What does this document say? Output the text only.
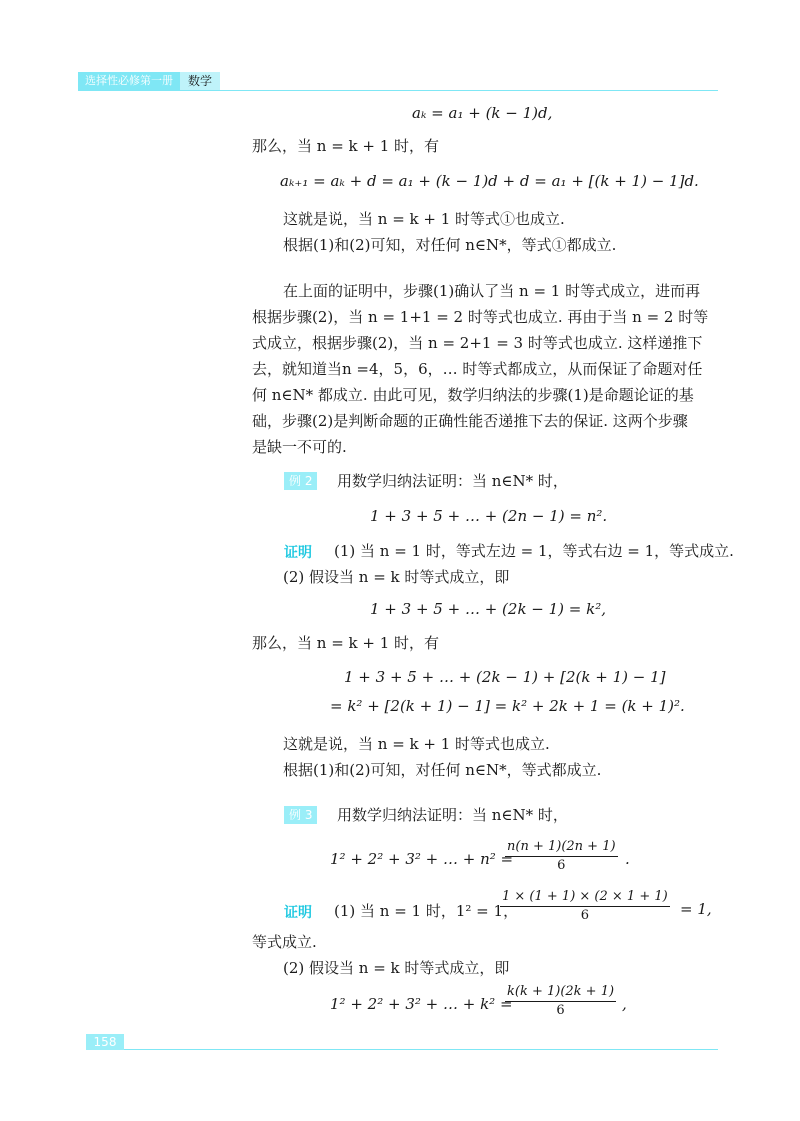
选择性必修第一册	数学
aₖ = a₁ + (k − 1)d,
那么，当 n = k + 1 时，有
aₖ₊₁ = aₖ + d = a₁ + (k − 1)d + d = a₁ + [(k + 1) − 1]d.
这就是说，当 n = k + 1 时等式①也成立.
根据(1)和(2)可知，对任何 n∈N*，等式①都成立.
在上面的证明中，步骤(1)确认了当 n = 1 时等式成立，进而再
根据步骤(2)，当 n = 1+1 = 2 时等式也成立. 再由于当 n = 2 时等
式成立，根据步骤(2)，当 n = 2+1 = 3 时等式也成立. 这样递推下
去，就知道当n =4，5，6，… 时等式都成立，从而保证了命题对任
何 n∈N* 都成立. 由此可见，数学归纳法的步骤(1)是命题论证的基
础，步骤(2)是判断命题的正确性能否递推下去的保证. 这两个步骤
是缺一不可的.
例 2	用数学归纳法证明：当 n∈N* 时，
1 + 3 + 5 + … + (2n − 1) = n².
证明 (1) 当 n = 1 时，等式左边 = 1，等式右边 = 1，等式成立.
(2) 假设当 n = k 时等式成立，即
1 + 3 + 5 + … + (2k − 1) = k²,
那么，当 n = k + 1 时，有
1 + 3 + 5 + … + (2k − 1) + [2(k + 1) − 1]
= k² + [2(k + 1) − 1] = k² + 2k + 1 = (k + 1)².
这就是说，当 n = k + 1 时等式也成立.
根据(1)和(2)可知，对任何 n∈N*，等式都成立.
例 3	用数学归纳法证明：当 n∈N* 时，
1² + 2² + 3² + … + n² =
$\frac{n(n + 1)(2n + 1)}{6}$ .
证明 (1) 当 n = 1 时，1² = 1，
$\frac{1 \times (1 + 1) \times (2 \times 1 + 1)}{6} = 1$,
等式成立.
(2) 假设当 n = k 时等式成立，即
1² + 2² + 3² + … + k² =
$\frac{k(k + 1)(2k + 1)}{6}$ ,
158
